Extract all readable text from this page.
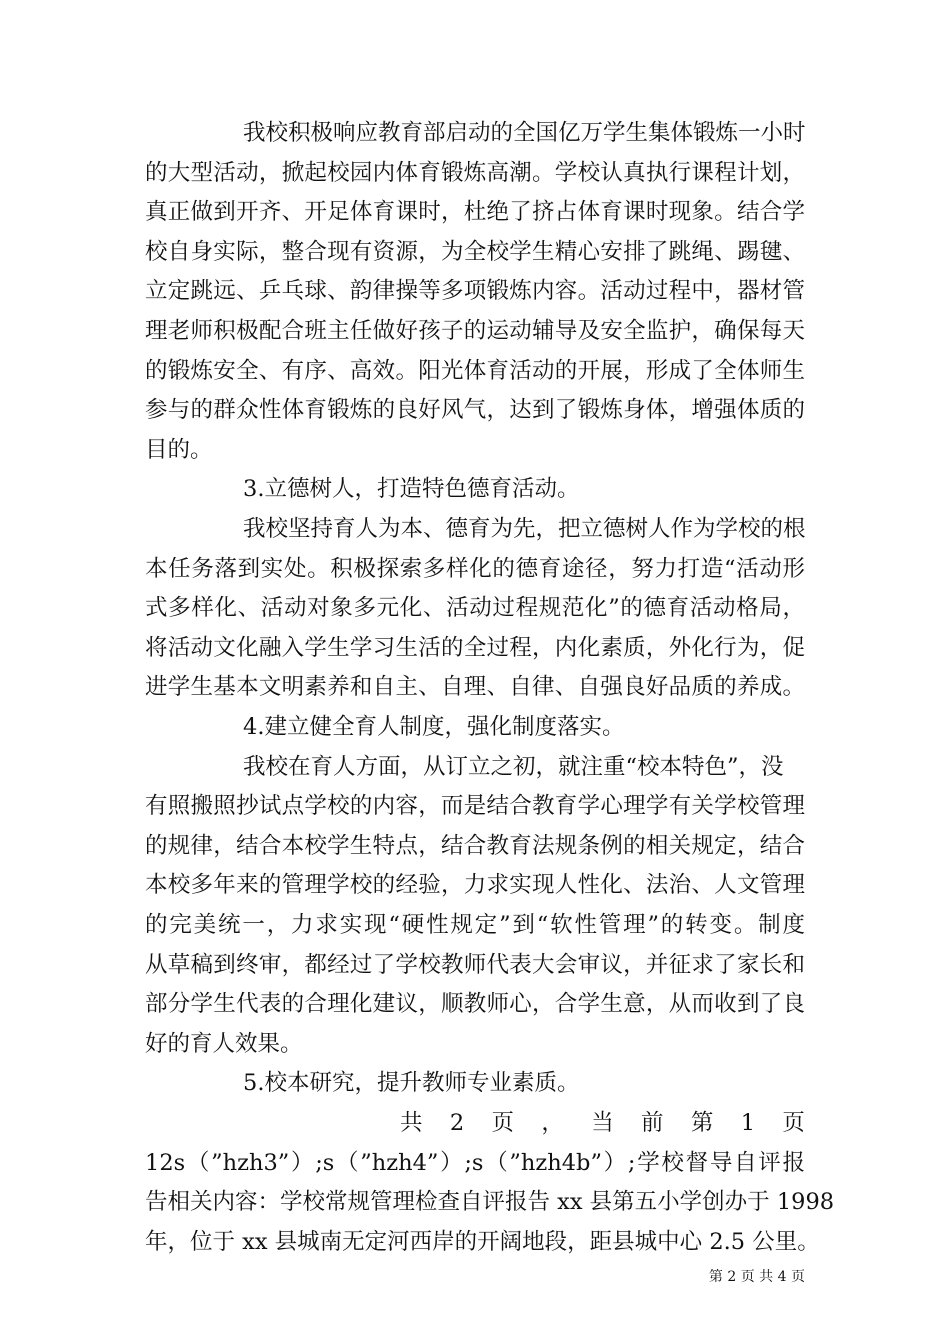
我校积极响应教育部启动的全国亿万学生集体锻炼一小时
的大型活动，掀起校园内体育锻炼高潮。学校认真执行课程计划，
真正做到开齐、开足体育课时，杜绝了挤占体育课时现象。结合学
校自身实际，整合现有资源，为全校学生精心安排了跳绳、踢毽、
立定跳远、乒乓球、韵律操等多项锻炼内容。活动过程中，器材管
理老师积极配合班主任做好孩子的运动辅导及安全监护，确保每天
的锻炼安全、有序、高效。阳光体育活动的开展，形成了全体师生
参与的群众性体育锻炼的良好风气，达到了锻炼身体，增强体质的
目的。
3.立德树人，打造特色德育活动。
我校坚持育人为本、德育为先，把立德树人作为学校的根
本任务落到实处。积极探索多样化的德育途径，努力打造“活动形
式多样化、活动对象多元化、活动过程规范化”的德育活动格局，
将活动文化融入学生学习生活的全过程，内化素质，外化行为，促
进学生基本文明素养和自主、自理、自律、自强良好品质的养成。
4.建立健全育人制度，强化制度落实。
我校在育人方面，从订立之初，就注重“校本特色”，没
有照搬照抄试点学校的内容，而是结合教育学心理学有关学校管理
的规律，结合本校学生特点，结合教育法规条例的相关规定，结合
本校多年来的管理学校的经验，力求实现人性化、法治、人文管理
的完美统一，力求实现“硬性规定”到“软性管理”的转变。制度
从草稿到终审，都经过了学校教师代表大会审议，并征求了家长和
部分学生代表的合理化建议，顺教师心，合学生意，从而收到了良
好的育人效果。
5.校本研究，提升教师专业素质。
共 2 页 ， 当 前 第 1 页
12s（”hzh3”）;s（”hzh4”）;s（”hzh4b”）;学校督导自评报
告相关内容：学校常规管理检查自评报告 xx 县第五小学创办于 1998
年，位于 xx 县城南无定河西岸的开阔地段，距县城中心 2.5 公里。
第 2 页 共 4 页
